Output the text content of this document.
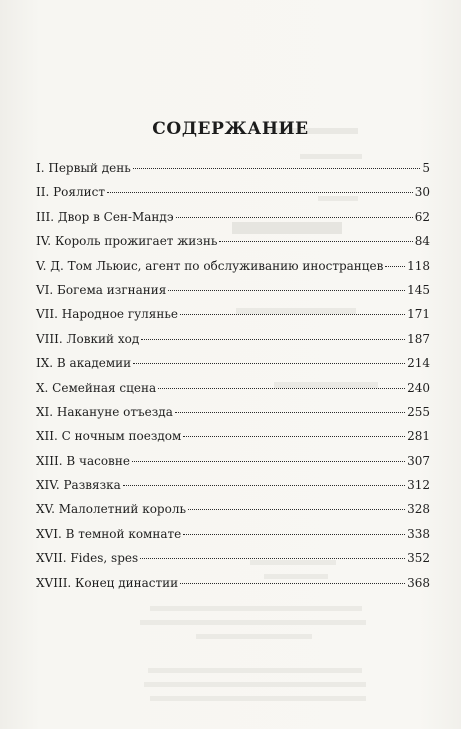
СОДЕРЖАНИЕ
I. Первый день	5
II. Роялист	30
III. Двор в Сен-Мандэ	62
IV. Король прожигает жизнь	84
V. Д. Том Льюис, агент по обслуживанию иностранцев 118
VI. Богема изгнания	145
VII. Народное гулянье	171
VIII. Ловкий ход	187
IX. В академии	214
X. Семейная сцена	240
XI. Накануне отъезда	255
XII. С ночным поездом	281
XIII. В часовне	307
XIV. Развязка	312
XV. Малолетний король	328
XVI. В темной комнате	338
XVII. Fides, spes	352
XVIII. Конец династии	368
